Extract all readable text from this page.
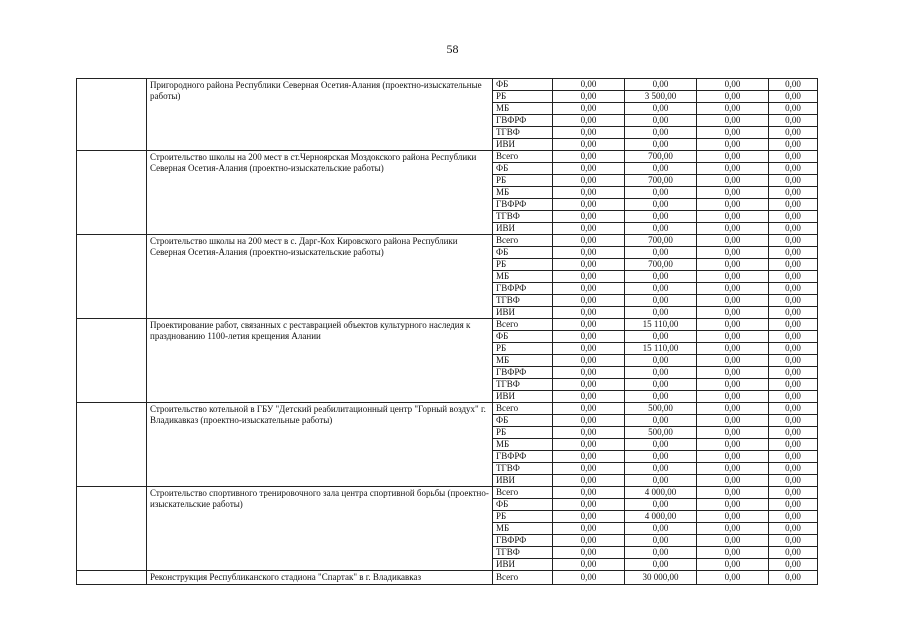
58
	Пригородного района Республики Северная Осетия-Алания (проектно-изыскательные работы)	ФБ	0,00	0,00	0,00	0,00
		РБ	0,00	3 500,00	0,00	0,00
		МБ	0,00	0,00	0,00	0,00
		ГВФРФ	0,00	0,00	0,00	0,00
		ТГВФ	0,00	0,00	0,00	0,00
		ИВИ	0,00	0,00	0,00	0,00
	Строительство школы на 200 мест в ст.Черноярская Моздокского района Республики Северная Осетия-Алания (проектно-изыскательские работы)	Всего	0,00	700,00	0,00	0,00
		ФБ	0,00	0,00	0,00	0,00
		РБ	0,00	700,00	0,00	0,00
		МБ	0,00	0,00	0,00	0,00
		ГВФРФ	0,00	0,00	0,00	0,00
		ТГВФ	0,00	0,00	0,00	0,00
		ИВИ	0,00	0,00	0,00	0,00
	Строительство школы на 200 мест в с. Дарг-Кох Кировского района Республики Северная Осетия-Алания (проектно-изыскательские работы)	Всего	0,00	700,00	0,00	0,00
		ФБ	0,00	0,00	0,00	0,00
		РБ	0,00	700,00	0,00	0,00
		МБ	0,00	0,00	0,00	0,00
		ГВФРФ	0,00	0,00	0,00	0,00
		ТГВФ	0,00	0,00	0,00	0,00
		ИВИ	0,00	0,00	0,00	0,00
	Проектирование работ, связанных с реставрацией объектов культурного наследия к празднованию 1100-летия крещения Алании	Всего	0,00	15 110,00	0,00	0,00
		ФБ	0,00	0,00	0,00	0,00
		РБ	0,00	15 110,00	0,00	0,00
		МБ	0,00	0,00	0,00	0,00
		ГВФРФ	0,00	0,00	0,00	0,00
		ТГВФ	0,00	0,00	0,00	0,00
		ИВИ	0,00	0,00	0,00	0,00
	Строительство котельной в ГБУ "Детский реабилитационный центр "Горный воздух" г. Владикавказ (проектно-изыскательные работы)	Всего	0,00	500,00	0,00	0,00
		ФБ	0,00	0,00	0,00	0,00
		РБ	0,00	500,00	0,00	0,00
		МБ	0,00	0,00	0,00	0,00
		ГВФРФ	0,00	0,00	0,00	0,00
		ТГВФ	0,00	0,00	0,00	0,00
		ИВИ	0,00	0,00	0,00	0,00
	Строительство спортивного тренировочного зала центра спортивной борьбы (проектно-изыскательские работы)	Всего	0,00	4 000,00	0,00	0,00
		ФБ	0,00	0,00	0,00	0,00
		РБ	0,00	4 000,00	0,00	0,00
		МБ	0,00	0,00	0,00	0,00
		ГВФРФ	0,00	0,00	0,00	0,00
		ТГВФ	0,00	0,00	0,00	0,00
		ИВИ	0,00	0,00	0,00	0,00
	Реконструкция Республиканского стадиона "Спартак" в г. Владикавказ	Всего	0,00	30 000,00	0,00	0,00
